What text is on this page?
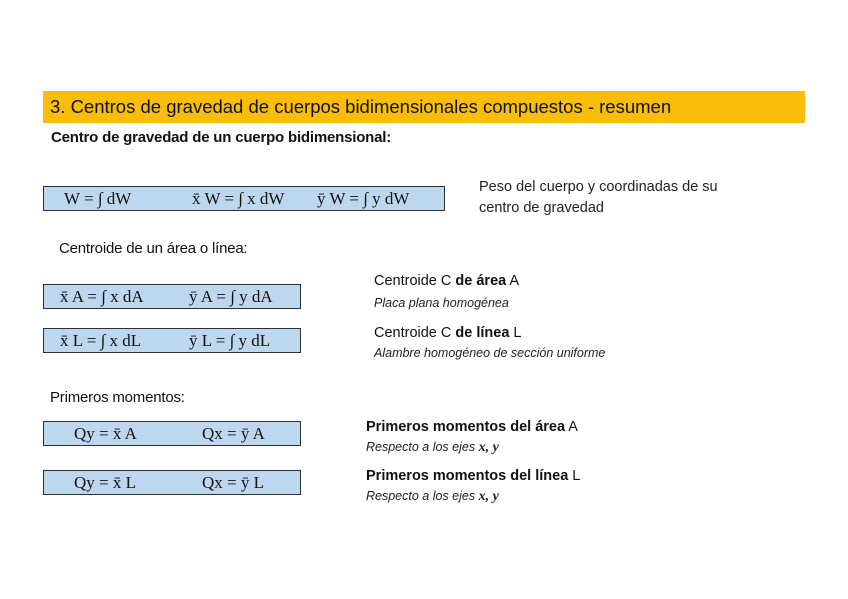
3. Centros de gravedad de cuerpos bidimensionales compuestos - resumen
Centro de gravedad de un cuerpo bidimensional:
W = ∫ dW	x̄ W = ∫ x dW ȳ W = ∫ y dW
Peso del cuerpo y coordinadas de su
centro de gravedad
Centroide de un área o línea:
x̄ A = ∫ x dA	ȳ A = ∫ y dA
Centroide C de área A
Placa plana homogénea
x̄ L = ∫ x dL	ȳ L = ∫ y dL	Centroide C de línea L
Alambre homogéneo de sección uniforme
Primeros momentos:
Qy = x̄ A	Qx = ȳ A	Primeros momentos del área A
Respecto a los ejes x, y
Qy = x̄ L	Qx = ȳ L	Primeros momentos del línea L
Respecto a los ejes x, y
